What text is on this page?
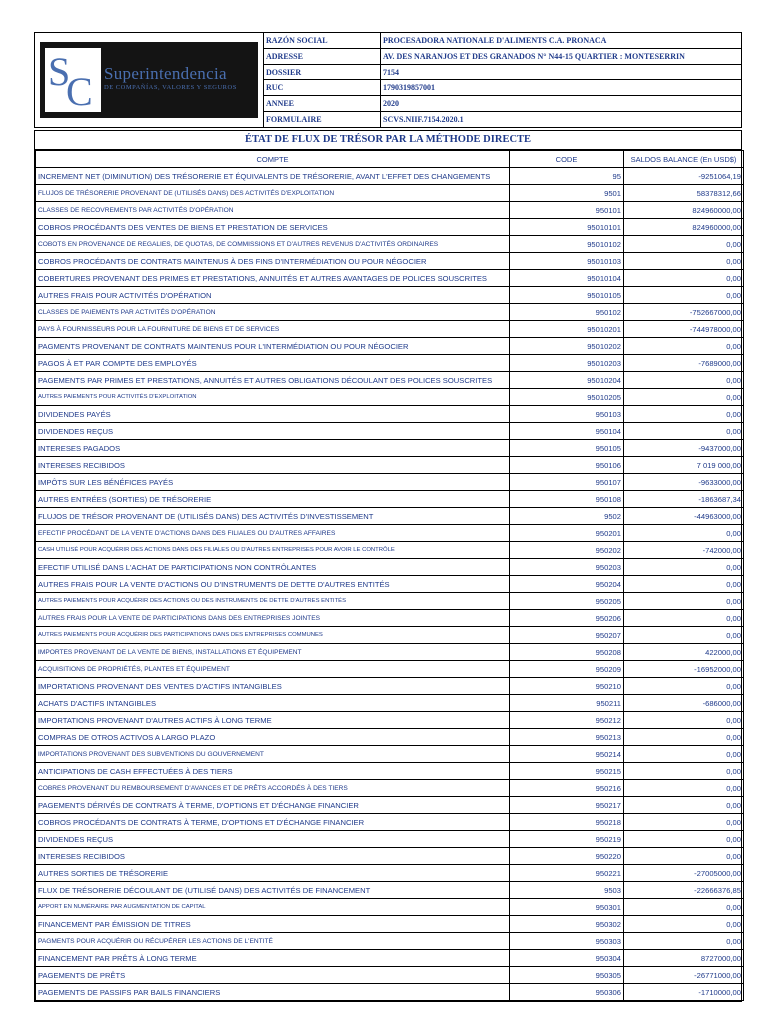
S
C Superintendencia
DE COMPAÑÍAS, VALORES Y SEGUROS
RAZÓN SOCIAL	PROCESADORA NATIONALE D'ALIMENTS C.A. PRONACA
ADRESSE	AV. DES NARANJOS ET DES GRANADOS N° N44-15 QUARTIER : MONTESERRIN
DOSSIER	7154
RUC	1790319857001
ANNEE	2020
FORMULAIRE	SCVS.NIIF.7154.2020.1
ÉTAT DE FLUX DE TRÉSOR PAR LA MÉTHODE DIRECTE
COMPTE	CODE	SALDOS BALANCE (En USD$)
INCREMENT NET (DIMINUTION) DES TRÉSORERIE ET ÉQUIVALENTS DE TRÉSORERIE, AVANT L'EFFET DES CHANGEMENTS	95	-9251064,19
FLUJOS DE TRÉSORERIE PROVENANT DE (UTILISÉS DANS) DES ACTIVITÉS D'EXPLOITATION	9501	58378312,66
CLASSES DE RECOVREMENTS PAR ACTIVITÉS D'OPÉRATION	950101	824960000,00
COBROS PROCÉDANTS DES VENTES DE BIENS ET PRESTATION DE SERVICES	95010101	824960000,00
COBOTS EN PROVENANCE DE REGALIES, DE QUOTAS, DE COMMISSIONS ET D'AUTRES REVENUS D'ACTIVITÉS ORDINAIRES	95010102	0,00
COBROS PROCÉDANTS DE CONTRATS MAINTENUS À DES FINS D'INTERMÉDIATION OU POUR NÉGOCIER	95010103	0,00
COBERTURES PROVENANT DES PRIMES ET PRESTATIONS, ANNUITÉS ET AUTRES AVANTAGES DE POLICES SOUSCRITES	95010104	0,00
AUTRES FRAIS POUR ACTIVITÉS D'OPÉRATION	95010105	0,00
CLASSES DE PAIEMENTS PAR ACTIVITÉS D'OPÉRATION	950102	-752667000,00
PAYS À FOURNISSEURS POUR LA FOURNITURE DE BIENS ET DE SERVICES	95010201	-744978000,00
PAGMENTS PROVENANT DE CONTRATS MAINTENUS POUR L'INTERMÉDIATION OU POUR NÉGOCIER	95010202	0,00
PAGOS À ET PAR COMPTE DES EMPLOYÉS	95010203	-7689000,00
PAGEMENTS PAR PRIMES ET PRESTATIONS, ANNUITÉS ET AUTRES OBLIGATIONS DÉCOULANT DES POLICES SOUSCRITES	95010204	0,00
AUTRES PAIEMENTS POUR ACTIVITÉS D'EXPLOITATION	95010205	0,00
DIVIDENDES PAYÉS	950103	0,00
DIVIDENDES REÇUS	950104	0,00
INTERESES PAGADOS	950105	-9437000,00
INTERESES RECIBIDOS	950106	7 019 000,00
IMPÔTS SUR LES BÉNÉFICES PAYÉS	950107	-9633000,00
AUTRES ENTRÉES (SORTIES) DE TRÉSORERIE	950108	-1863687,34
FLUJOS DE TRÉSOR PROVENANT DE (UTILISÉS DANS) DES ACTIVITÉS D'INVESTISSEMENT	9502	-44963000,00
EFECTIF PROCÉDANT DE LA VENTE D'ACTIONS DANS DES FILIALES OU D'AUTRES AFFAIRES	950201	0,00
CASH UTILISÉ POUR ACQUÉRIR DES ACTIONS DANS DES FILIALES OU D'AUTRES ENTREPRISES POUR AVOIR LE CONTRÔLE	950202	-742000,00
EFECTIF UTILISÉ DANS L'ACHAT DE PARTICIPATIONS NON CONTRÔLANTES	950203	0,00
AUTRES FRAIS POUR LA VENTE D'ACTIONS OU D'INSTRUMENTS DE DETTE D'AUTRES ENTITÉS	950204	0,00
AUTRES PAIEMENTS POUR ACQUÉRIR DES ACTIONS OU DES INSTRUMENTS DE DETTE D'AUTRES ENTITÉS	950205	0,00
AUTRES FRAIS POUR LA VENTE DE PARTICIPATIONS DANS DES ENTREPRISES JOINTES	950206	0,00
AUTRES PAIEMENTS POUR ACQUÉRIR DES PARTICIPATIONS DANS DES ENTREPRISES COMMUNES	950207	0,00
IMPORTES PROVENANT DE LA VENTE DE BIENS, INSTALLATIONS ET ÉQUIPEMENT	950208	422000,00
ACQUISITIONS DE PROPRIÉTÉS, PLANTES ET ÉQUIPEMENT	950209	-16952000,00
IMPORTATIONS PROVENANT DES VENTES D'ACTIFS INTANGIBLES	950210	0,00
ACHATS D'ACTIFS INTANGIBLES	950211	-686000,00
IMPORTATIONS PROVENANT D'AUTRES ACTIFS À LONG TERME	950212	0,00
COMPRAS DE OTROS ACTIVOS A LARGO PLAZO	950213	0,00
IMPORTATIONS PROVENANT DES SUBVENTIONS DU GOUVERNEMENT	950214	0,00
ANTICIPATIONS DE CASH EFFECTUÉES À DES TIERS	950215	0,00
COBRES PROVENANT DU REMBOURSEMENT D'AVANCES ET DE PRÊTS ACCORDÉS À DES TIERS	950216	0,00
PAGEMENTS DÉRIVÉS DE CONTRATS À TERME, D'OPTIONS ET D'ÉCHANGE FINANCIER	950217	0,00
COBROS PROCÉDANTS DE CONTRATS À TERME, D'OPTIONS ET D'ÉCHANGE FINANCIER	950218	0,00
DIVIDENDES REÇUS	950219	0,00
INTERESES RECIBIDOS	950220	0,00
AUTRES SORTIES DE TRÉSORERIE	950221	-27005000,00
FLUX DE TRÉSORERIE DÉCOULANT DE (UTILISÉ DANS) DES ACTIVITÉS DE FINANCEMENT	9503	-22666376,85
APPORT EN NUMÉRAIRE PAR AUGMENTATION DE CAPITAL	950301	0,00
FINANCEMENT PAR ÉMISSION DE TITRES	950302	0,00
PAGMENTS POUR ACQUÉRIR OU RÉCUPÉRER LES ACTIONS DE L'ENTITÉ	950303	0,00
FINANCEMENT PAR PRÊTS À LONG TERME	950304	8727000,00
PAGEMENTS DE PRÊTS	950305	-26771000,00
PAGEMENTS DE PASSIFS PAR BAILS FINANCIERS	950306	-1710000,00
